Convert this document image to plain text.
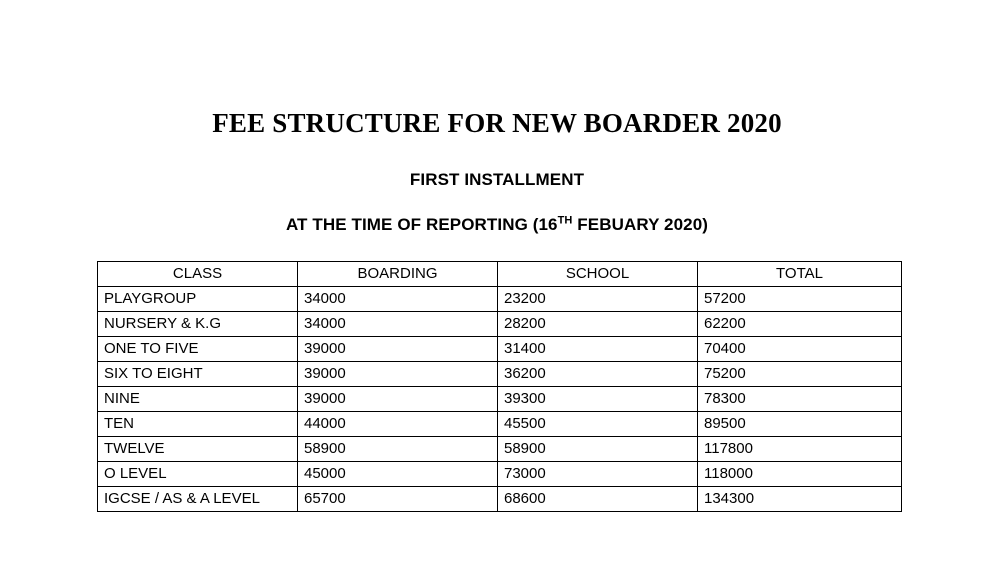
FEE STRUCTURE FOR NEW BOARDER 2020
FIRST INSTALLMENT
AT THE TIME OF REPORTING (16TH FEBUARY 2020)
CLASS	BOARDING	SCHOOL	TOTAL
PLAYGROUP	34000	23200	57200
NURSERY & K.G	34000	28200	62200
ONE TO FIVE	39000	31400	70400
SIX TO EIGHT	39000	36200	75200
NINE	39000	39300	78300
TEN	44000	45500	89500
TWELVE	58900	58900	117800
O LEVEL	45000	73000	118000
IGCSE / AS & A LEVEL	65700	68600	134300
